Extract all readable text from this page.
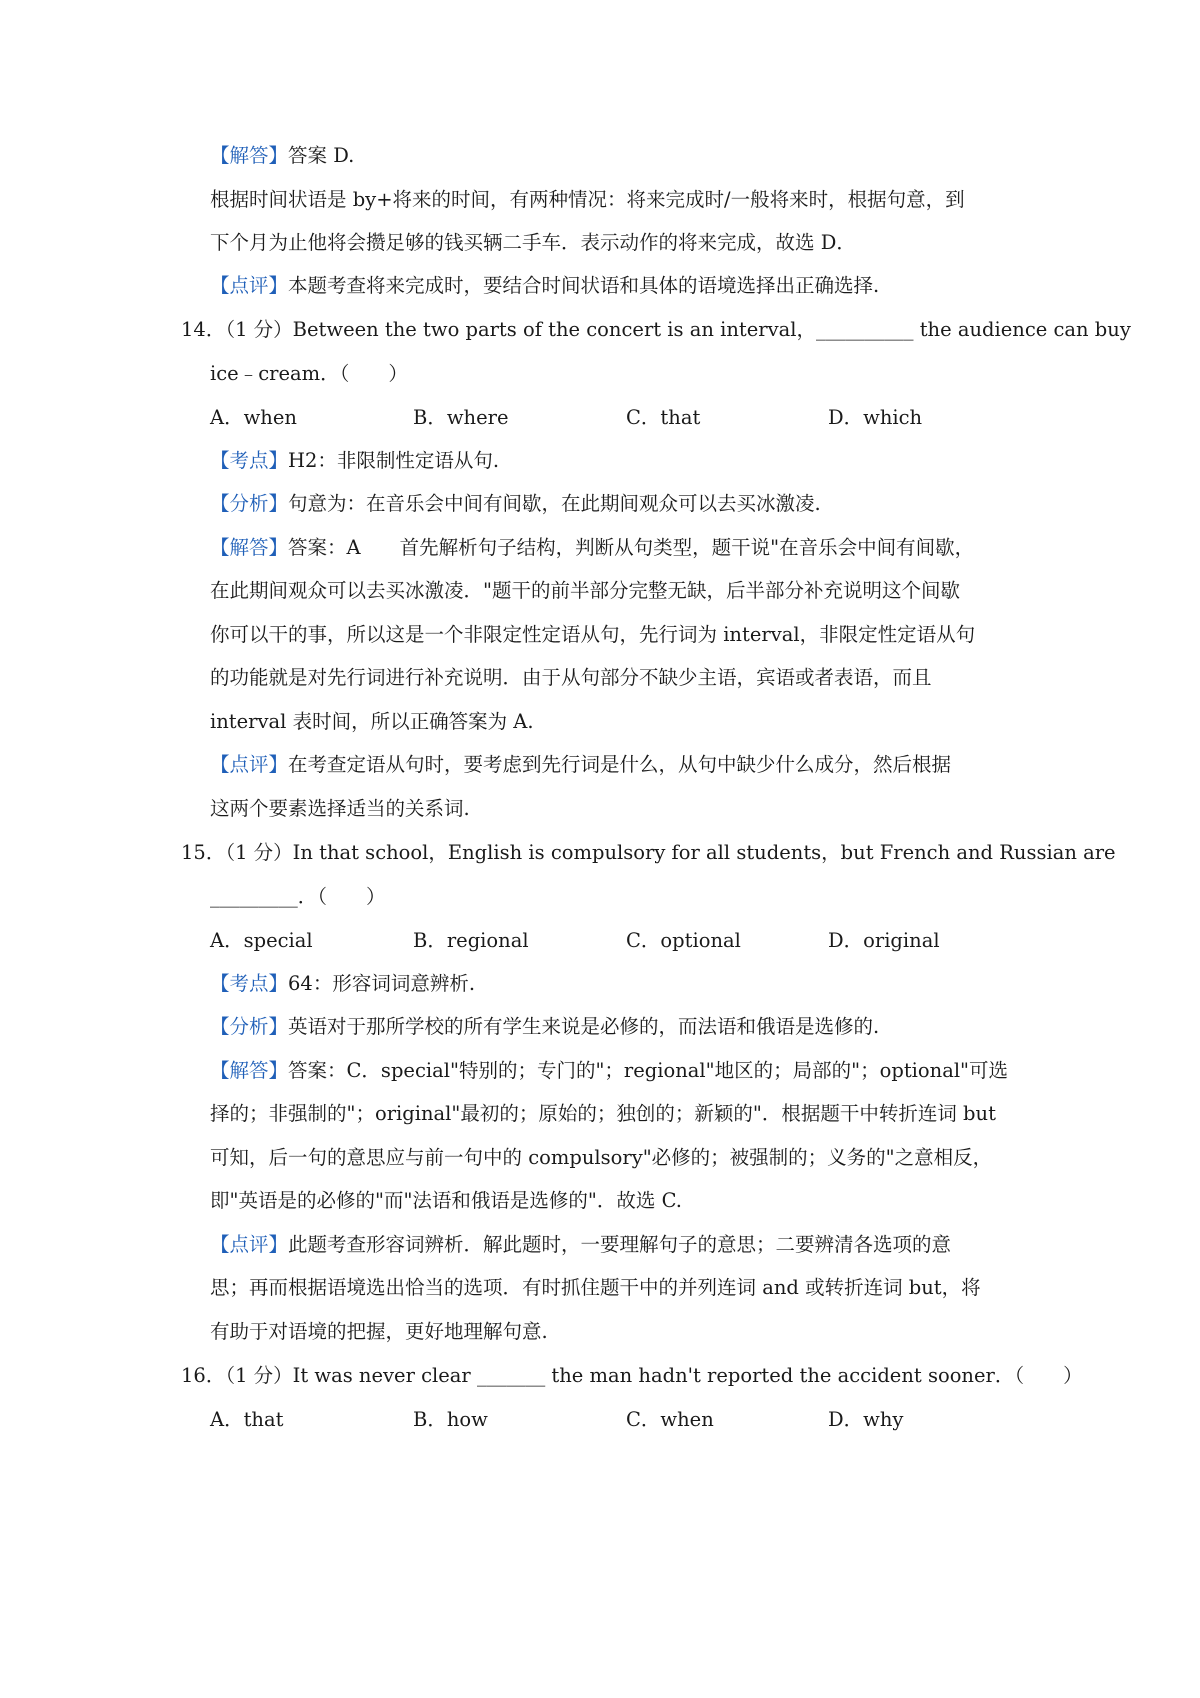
【解答】答案 D.
根据时间状语是 by+将来的时间，有两种情况：将来完成时/一般将来时，根据句意，到
下个月为止他将会攒足够的钱买辆二手车．表示动作的将来完成，故选 D．
【点评】本题考查将来完成时，要结合时间状语和具体的语境选择出正确选择.
14．（1 分）Between the two parts of the concert is an interval，__________ the audience can buy
ice﹣cream．（　　）
A．when	B．where	C．that	D．which
【考点】H2：非限制性定语从句.
【分析】句意为：在音乐会中间有间歇，在此期间观众可以去买冰激凌.
【解答】答案：A　　首先解析句子结构，判断从句类型，题干说"在音乐会中间有间歇，
在此期间观众可以去买冰激凌．"题干的前半部分完整无缺，后半部分补充说明这个间歇
你可以干的事，所以这是一个非限定性定语从句，先行词为 interval，非限定性定语从句
的功能就是对先行词进行补充说明．由于从句部分不缺少主语，宾语或者表语，而且
interval 表时间，所以正确答案为 A.
【点评】在考查定语从句时，要考虑到先行词是什么，从句中缺少什么成分，然后根据
这两个要素选择适当的关系词.
15．（1 分）In that school，English is compulsory for all students，but French and Russian are
_________．（　　）
A．special	B．regional	C．optional	D．original
【考点】64：形容词词意辨析.
【分析】英语对于那所学校的所有学生来说是必修的，而法语和俄语是选修的.
【解答】答案：C．special"特别的；专门的"；regional"地区的；局部的"；optional"可选
择的；非强制的"；original"最初的；原始的；独创的；新颖的"．根据题干中转折连词 but
可知，后一句的意思应与前一句中的 compulsory"必修的；被强制的；义务的"之意相反，
即"英语是的必修的"而"法语和俄语是选修的"．故选 C.
【点评】此题考查形容词辨析．解此题时，一要理解句子的意思；二要辨清各选项的意
思；再而根据语境选出恰当的选项．有时抓住题干中的并列连词 and 或转折连词 but，将
有助于对语境的把握，更好地理解句意.
16．（1 分）It was never clear _______ the man hadn't reported the accident sooner．（　　）
A．that	B．how	C．when	D．why
